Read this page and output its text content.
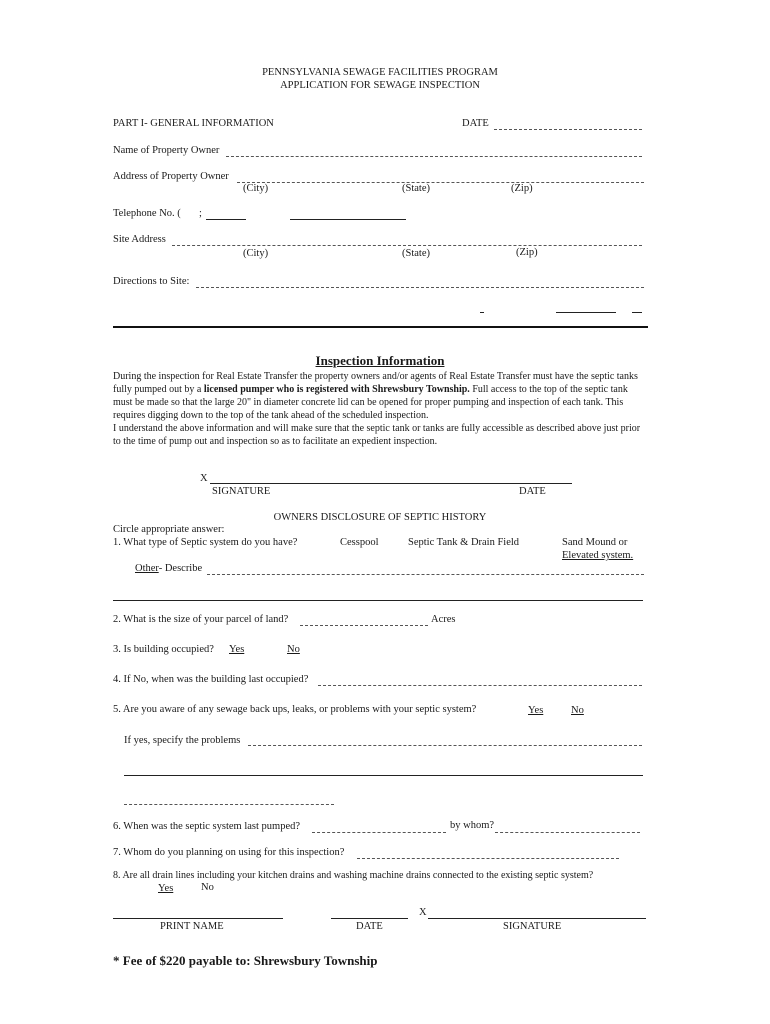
PENNSYLVANIA SEWAGE FACILITIES PROGRAM
APPLICATION FOR SEWAGE INSPECTION
PART I- GENERAL INFORMATION	DATE
Name of Property Owner
Address of Property Owner
(City)	(State)	(Zip)
Telephone No. ( ;
Site Address
(City)	(State)	(Zip)
Directions to Site:
Inspection Information
During the inspection for Real Estate Transfer the property owners and/or agents of Real Estate Transfer must have the septic tanks fully pumped out by a licensed pumper who is registered with Shrewsbury Township. Full access to the top of the septic tank must be made so that the large 20" in diameter concrete lid can be opened for proper pumping and inspection of each tank. This requires digging down to the top of the tank ahead of the scheduled inspection.
I understand the above information and will make sure that the septic tank or tanks are fully accessible as described above just prior to the time of pump out and inspection so as to facilitate an expedient inspection.
X
SIGNATURE	DATE
OWNERS DISCLOSURE OF SEPTIC HISTORY
Circle appropriate answer:
1. What type of Septic system do you have?	Cesspool	Septic Tank & Drain Field	Sand Mound or
Elevated system.
Other- Describe
2. What is the size of your parcel of land?	Acres
3. Is building occupied? Yes	No
4. If No, when was the building last occupied?
5. Are you aware of any sewage back ups, leaks, or problems with your septic system?	Yes	No
If yes, specify the problems
6. When was the septic system last pumped?	by whom?
7. Whom do you planning on using for this inspection?
8. Are all drain lines including your kitchen drains and washing machine drains connected to the existing septic system?
Yes	No
PRINT NAME	DATE
X
SIGNATURE
* Fee of $220 payable to: Shrewsbury Township
